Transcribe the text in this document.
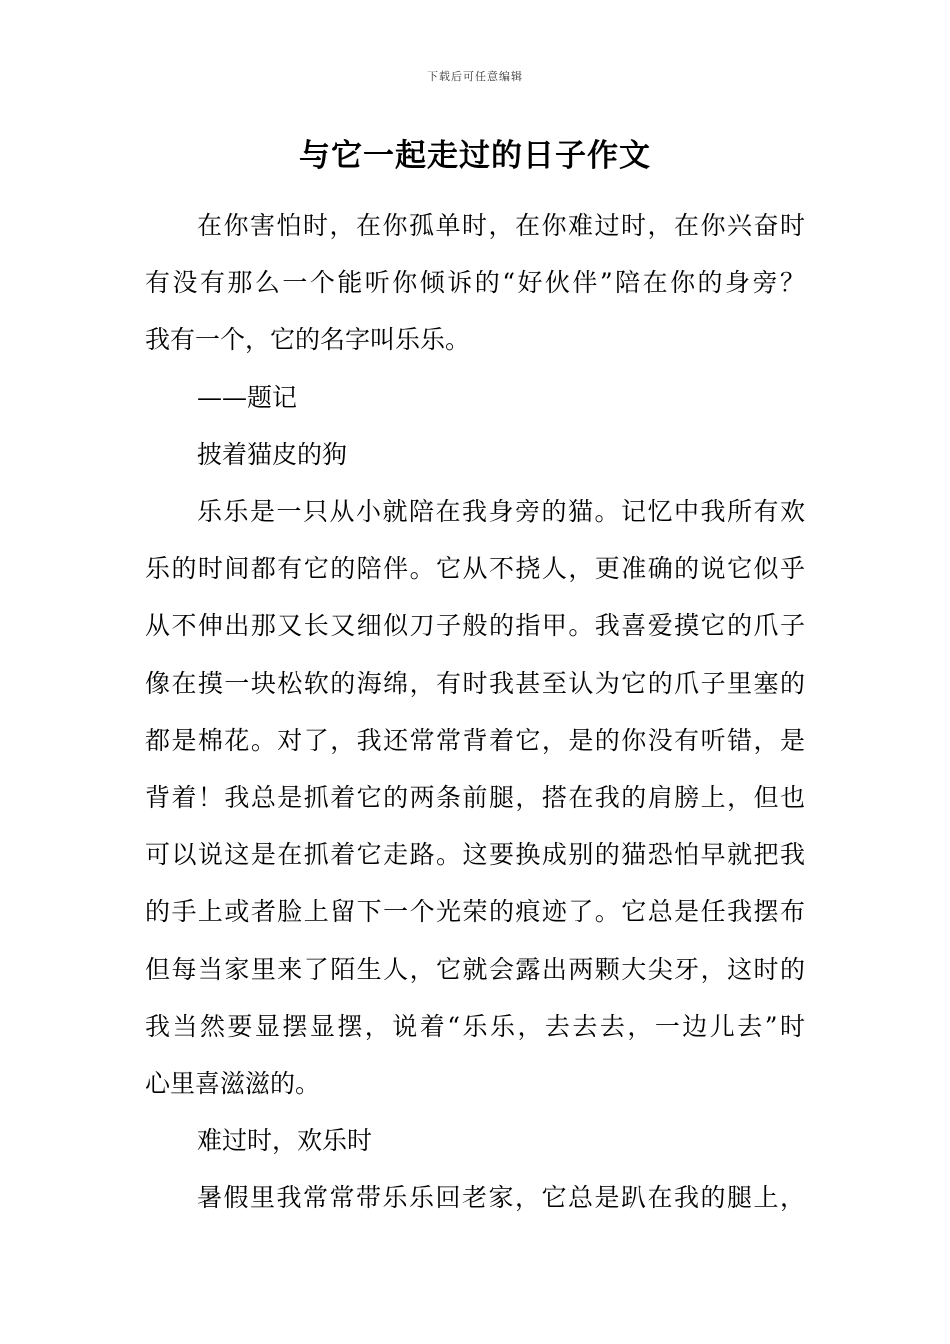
下载后可任意编辑
与它一起走过的日子作文
在你害怕时，在你孤单时，在你难过时，在你兴奋时
有没有那么一个能听你倾诉的“好伙伴”陪在你的身旁？
我有一个，它的名字叫乐乐。
——题记
披着猫皮的狗
乐乐是一只从小就陪在我身旁的猫。记忆中我所有欢
乐的时间都有它的陪伴。它从不挠人，更准确的说它似乎
从不伸出那又长又细似刀子般的指甲。我喜爱摸它的爪子
像在摸一块松软的海绵，有时我甚至认为它的爪子里塞的
都是棉花。对了，我还常常背着它，是的你没有听错，是
背着！我总是抓着它的两条前腿，搭在我的肩膀上，但也
可以说这是在抓着它走路。这要换成别的猫恐怕早就把我
的手上或者脸上留下一个光荣的痕迹了。它总是任我摆布
但每当家里来了陌生人，它就会露出两颗大尖牙，这时的
我当然要显摆显摆，说着“乐乐，去去去，一边儿去”时
心里喜滋滋的。
难过时，欢乐时
暑假里我常常带乐乐回老家，它总是趴在我的腿上，
